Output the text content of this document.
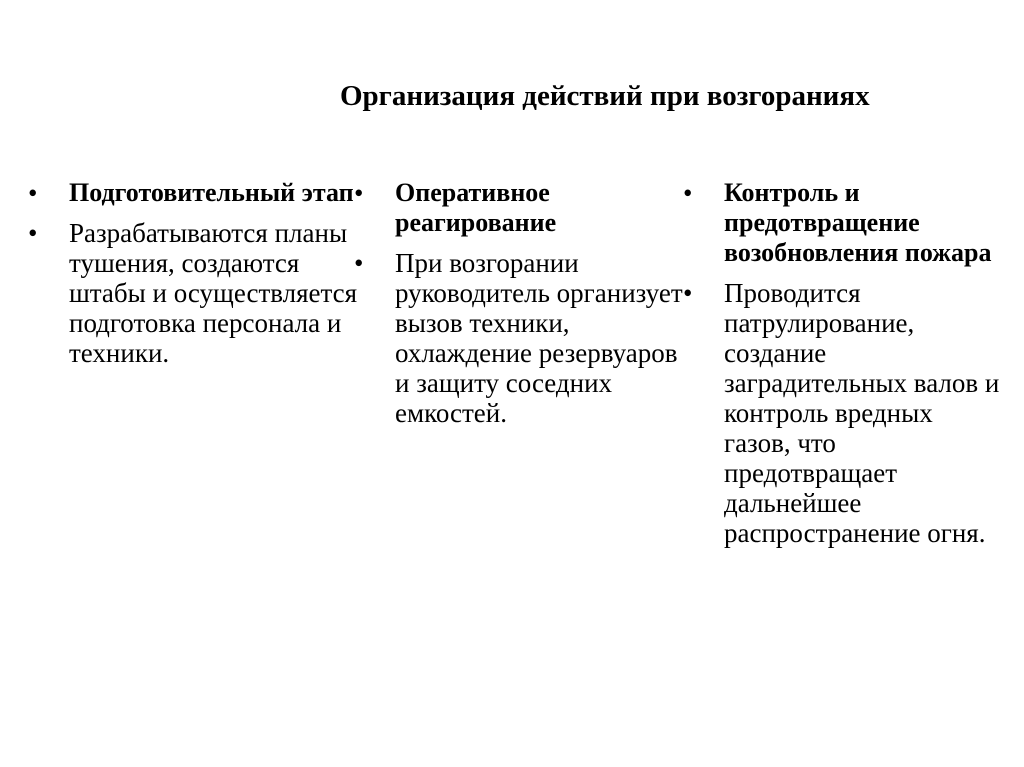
Организация действий при возгораниях
•	Подготовительный этап
•	Разрабатываются планы тушения, создаются штабы и осуществляется подготовка персонала и техники.
•	Оперативное реагирование
•	При возгорании руководитель организует вызов техники, охлаждение резервуаров и защиту соседних емкостей.
•	Контроль и предотвращение возобновления пожара
•	Проводится патрулирование, создание заградительных валов и контроль вредных газов, что предотвращает дальнейшее распространение огня.
